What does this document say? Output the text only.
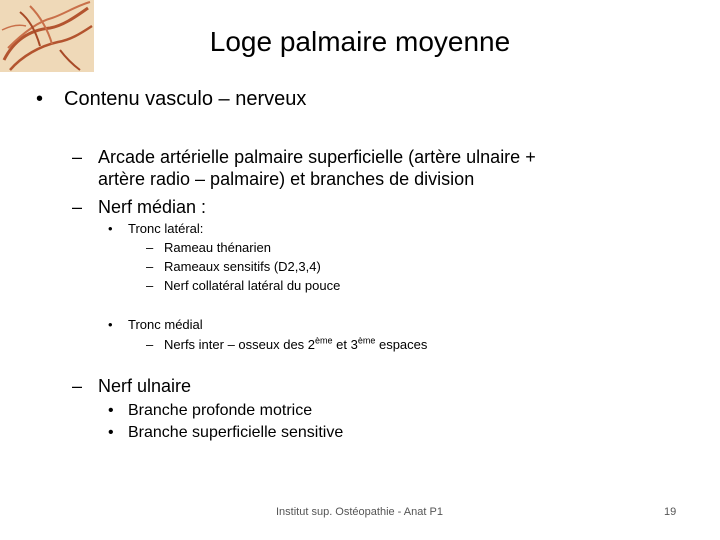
Loge palmaire moyenne
• Contenu vasculo – nerveux
– Arcade artérielle palmaire superficielle (artère ulnaire +
artère radio – palmaire) et branches de division
– Nerf médian :
• Tronc latéral:
– Rameau thénarien
– Rameaux sensitifs (D2,3,4)
– Nerf collatéral latéral du pouce
• Tronc médial
– Nerfs inter – osseux des 2ème et 3ème espaces
– Nerf ulnaire
• Branche profonde motrice
• Branche superficielle sensitive
Institut sup. Ostéopathie - Anat P1	19
